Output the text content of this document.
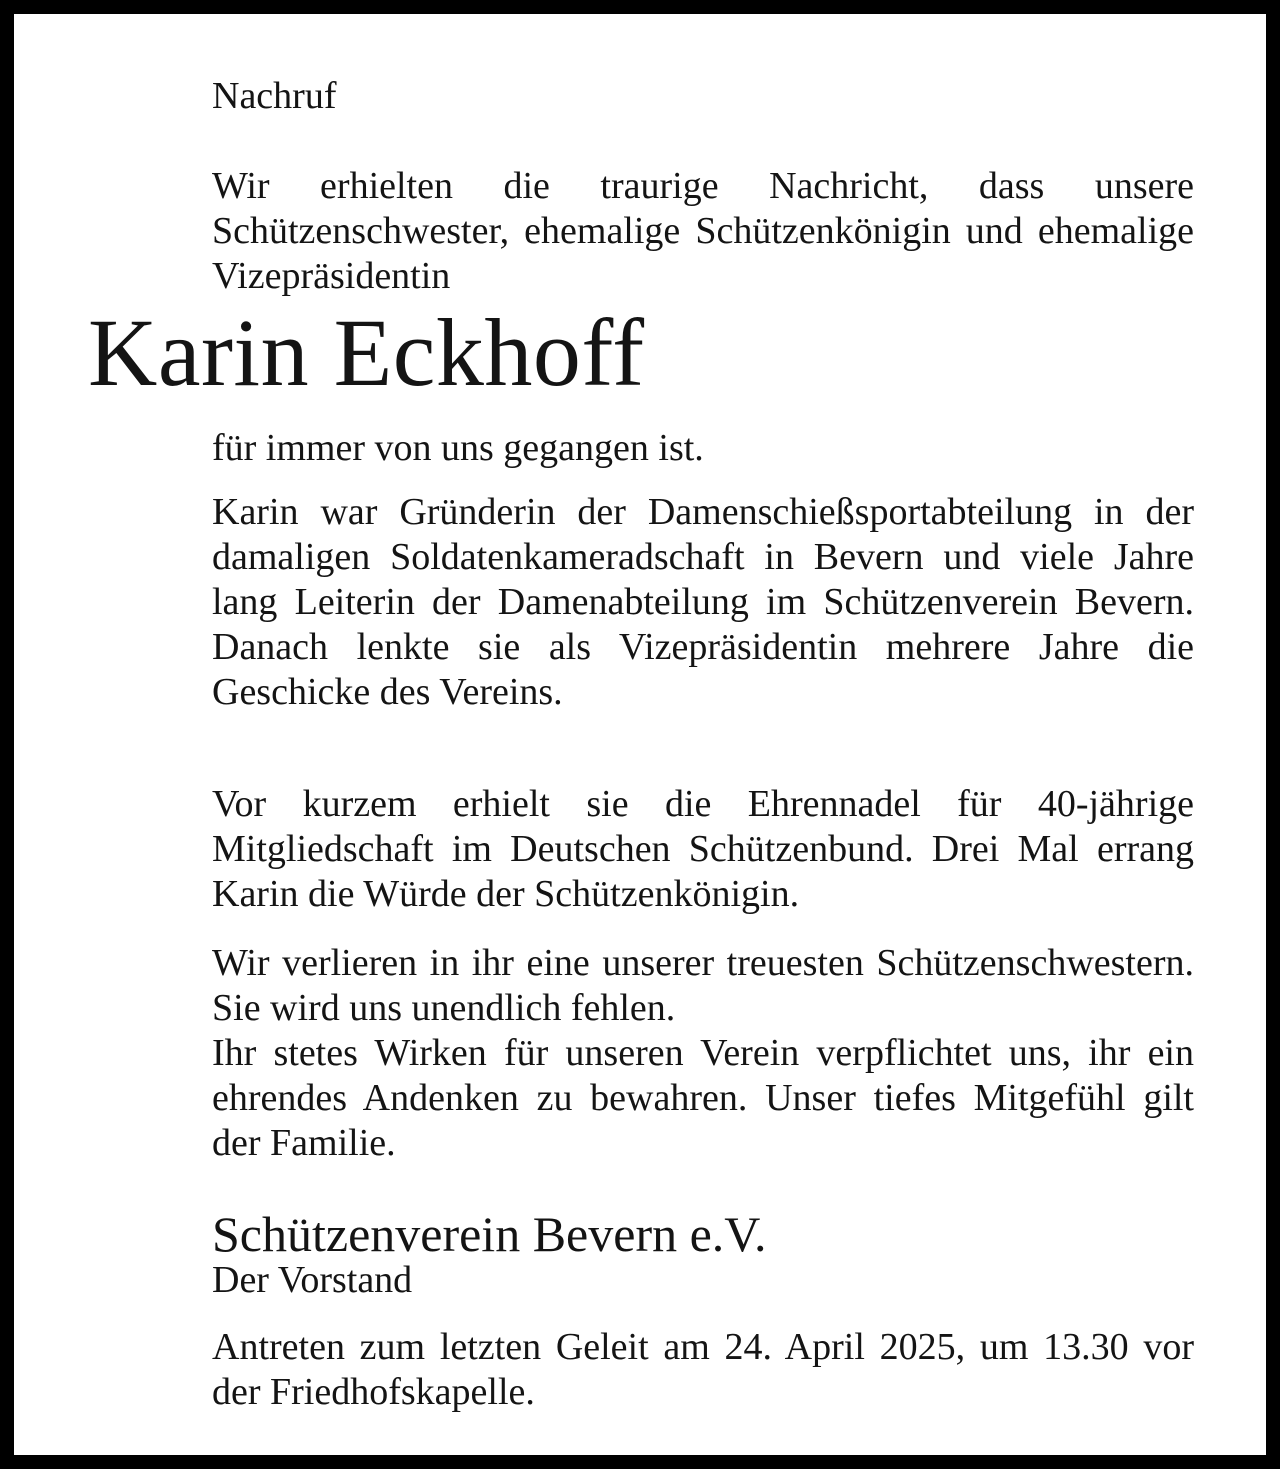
Nachruf

Wir erhielten die traurige Nachricht, dass unsere Schützenschwester, ehemalige Schützenkönigin und ehemalige Vizepräsidentin

Karin Eckhoff

für immer von uns gegangen ist.

Karin war Gründerin der Damenschießsportabteilung in der damaligen Soldatenkameradschaft in Bevern und viele Jahre lang Leiterin der Damenabteilung im Schützenverein Bevern. Danach lenkte sie als Vizepräsidentin mehrere Jahre die Geschicke des Vereins.

Vor kurzem erhielt sie die Ehrennadel für 40-jährige Mitgliedschaft im Deutschen Schützenbund. Drei Mal errang Karin die Würde der Schützenkönigin.

Wir verlieren in ihr eine unserer treuesten Schützenschwestern. Sie wird uns unendlich fehlen.

Ihr stetes Wirken für unseren Verein verpflichtet uns, ihr ein ehrendes Andenken zu bewahren. Unser tiefes Mitgefühl gilt der Familie.

Schützenverein Bevern e.V.
Der Vorstand

Antreten zum letzten Geleit am 24. April 2025, um 13.30 vor der Friedhofskapelle.
